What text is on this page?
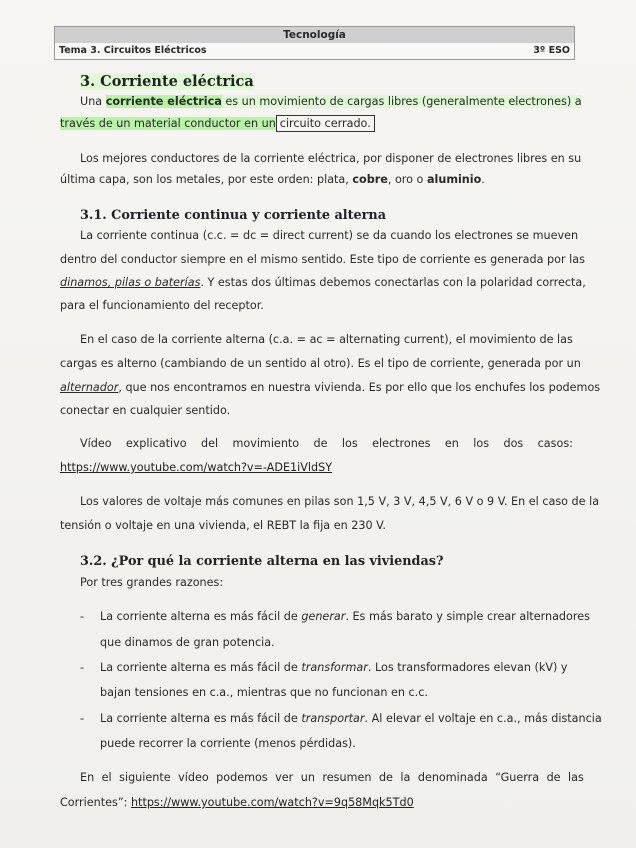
Tecnología
Tema 3. Circuitos Eléctricos	3º ESO
3. Corriente eléctrica
Una corriente eléctrica es un movimiento de cargas libres (generalmente electrones) a
través de un material conductor en un circuito cerrado.
Los mejores conductores de la corriente eléctrica, por disponer de electrones libres en su
última capa, son los metales, por este orden: plata, cobre, oro o aluminio.
3.1. Corriente continua y corriente alterna
La corriente continua (c.c. = dc = direct current) se da cuando los electrones se mueven
dentro del conductor siempre en el mismo sentido. Este tipo de corriente es generada por las
dinamos, pilas o baterías. Y estas dos últimas debemos conectarlas con la polaridad correcta,
para el funcionamiento del receptor.
En el caso de la corriente alterna (c.a. = ac = alternating current), el movimiento de las
cargas es alterno (cambiando de un sentido al otro). Es el tipo de corriente, generada por un
alternador, que nos encontramos en nuestra vivienda. Es por ello que los enchufes los podemos
conectar en cualquier sentido.
Vídeo explicativo del movimiento de los electrones en los dos casos:
https://www.youtube.com/watch?v=-ADE1iVldSY
Los valores de voltaje más comunes en pilas son 1,5 V, 3 V, 4,5 V, 6 V o 9 V. En el caso de la
tensión o voltaje en una vivienda, el REBT la fija en 230 V.
3.2. ¿Por qué la corriente alterna en las viviendas?
Por tres grandes razones:
- La corriente alterna es más fácil de generar. Es más barato y simple crear alternadores
que dinamos de gran potencia.
- La corriente alterna es más fácil de transformar. Los transformadores elevan (kV) y
bajan tensiones en c.a., mientras que no funcionan en c.c.
- La corriente alterna es más fácil de transportar. Al elevar el voltaje en c.a., más distancia
puede recorrer la corriente (menos pérdidas).
En el siguiente vídeo podemos ver un resumen de la denominada “Guerra de las
Corrientes”: https://www.youtube.com/watch?v=9q58Mqk5Td0
